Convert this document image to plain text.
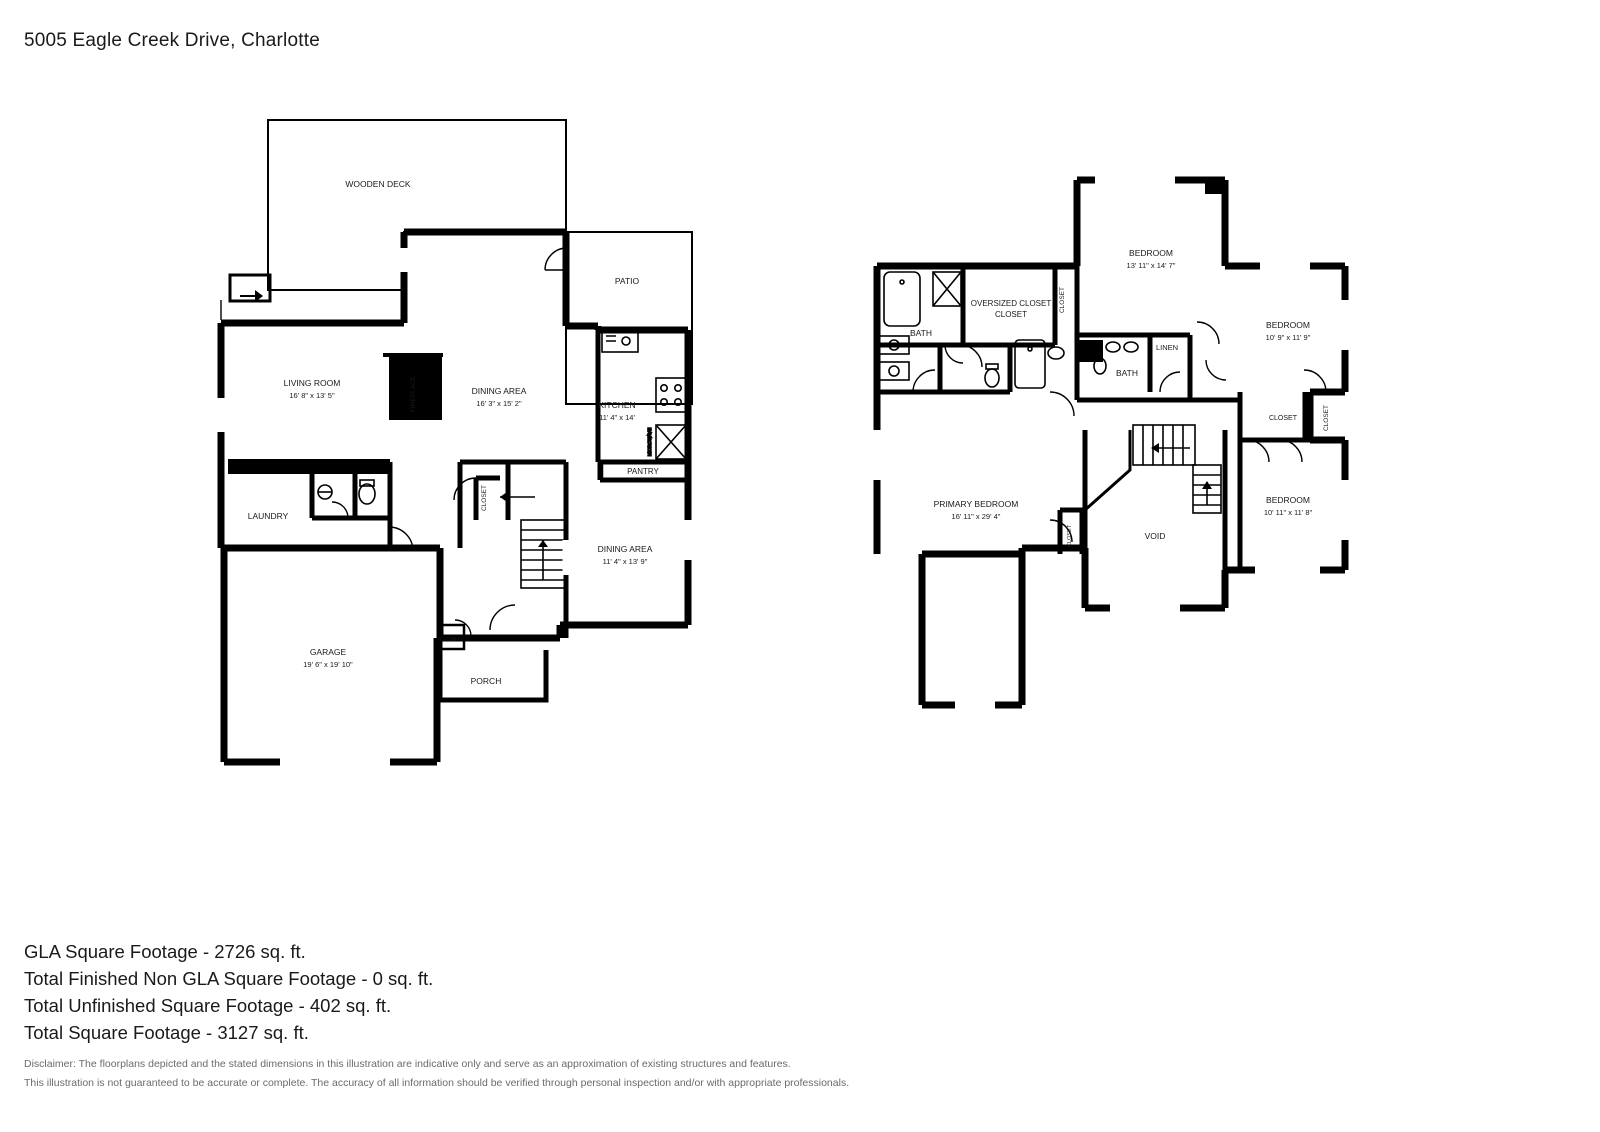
5005 Eagle Creek Drive, Charlotte
FIREPLACE
MICROWAVE
WOODEN DECK
PATIO
LIVING ROOM
16' 8" x 13' 5"	DINING AREA
16' 3" x 15' 2"	KITCHEN
11' 4" x 14'
PANTRY
LAUNDRY
CLOSET
DINING AREA
11' 4" x 13' 9"
GARAGE
19' 6" x 19' 10"
CLOSET
PORCH
BEDROOM
13' 11" x 14' 7"
BEDROOM
10' 9" x 11' 9"
BEDROOM
10' 11" x 11' 8"
PRIMARY BEDROOM
16' 11" x 29' 4"
OVERSIZED CLOSET
CLOSET
BATH
BATH
LINEN
CLOSET
CLOSET	CLOSET
CLOSET	VOID
GLA Square Footage - 2726 sq. ft.
Total Finished Non GLA Square Footage - 0 sq. ft.
Total Unfinished Square Footage - 402 sq. ft.
Total Square Footage - 3127 sq. ft.
Disclaimer: The floorplans depicted and the stated dimensions in this illustration are indicative only and serve as an approximation of existing structures and features.
This illustration is not guaranteed to be accurate or complete. The accuracy of all information should be verified through personal inspection and/or with appropriate professionals.
